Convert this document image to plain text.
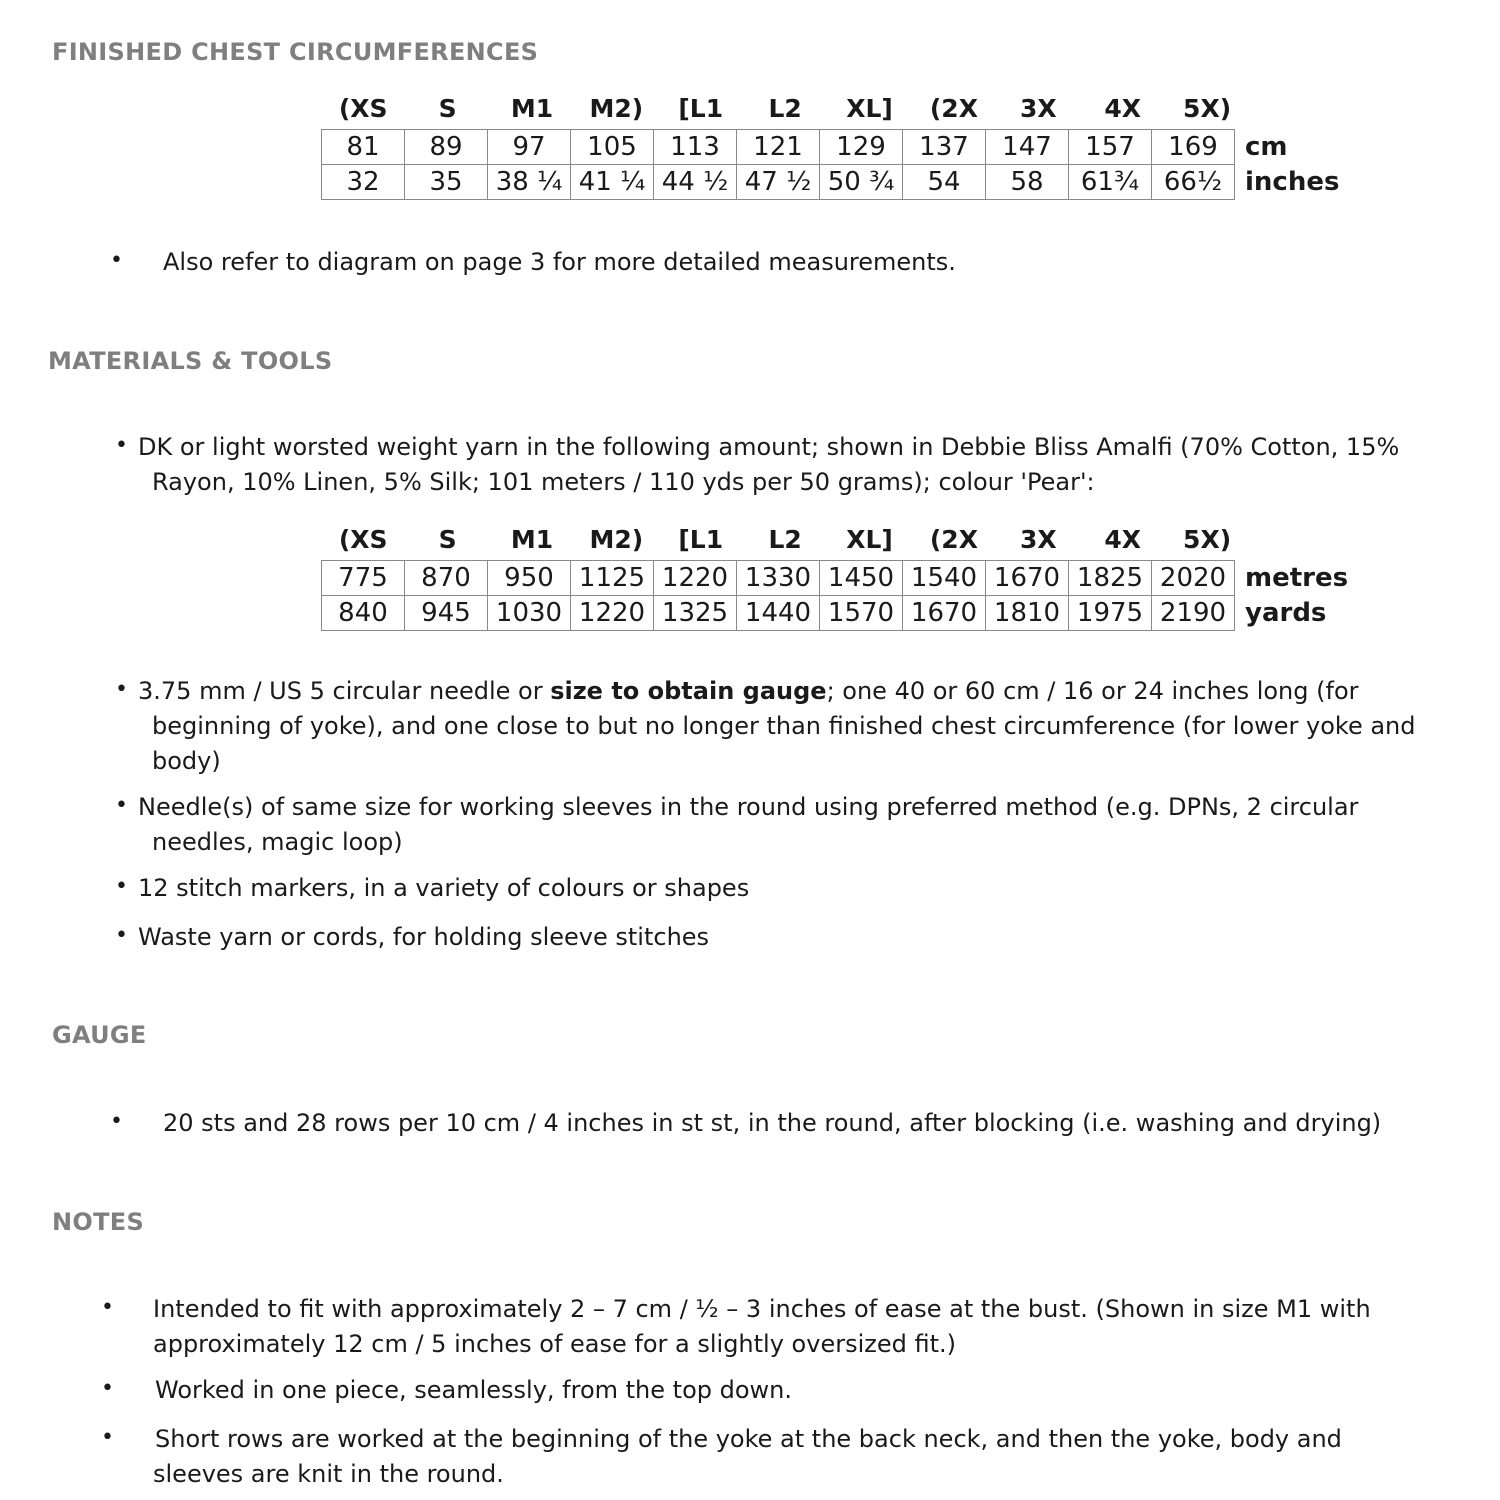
FINISHED CHEST CIRCUMFERENCES
(XS	S	M1	M2)	[L1	L2	XL]	(2X	3X	4X	5X)
81	89	97	105	113	121	129	137	147	157	169	cm
32	35	38 ¼	41 ¼	44 ½	47 ½	50 ¾	54	58	61¾	66½	inches
• Also refer to diagram on page 3 for more detailed measurements.
MATERIALS & TOOLS
• DK or light worsted weight yarn in the following amount; shown in Debbie Bliss Amalfi (70% Cotton, 15%
Rayon, 10% Linen, 5% Silk; 101 meters / 110 yds per 50 grams); colour 'Pear':
(XS	S	M1	M2)	[L1	L2	XL]	(2X	3X	4X	5X)
775	870	950	1125	1220	1330	1450	1540	1670	1825	2020	metres
840	945	1030	1220	1325	1440	1570	1670	1810	1975	2190	yards
• 3.75 mm / US 5 circular needle or size to obtain gauge; one 40 or 60 cm / 16 or 24 inches long (for
beginning of yoke), and one close to but no longer than finished chest circumference (for lower yoke and
body)
• Needle(s) of same size for working sleeves in the round using preferred method (e.g. DPNs, 2 circular
needles, magic loop)
• 12 stitch markers, in a variety of colours or shapes
• Waste yarn or cords, for holding sleeve stitches
GAUGE
• 20 sts and 28 rows per 10 cm / 4 inches in st st, in the round, after blocking (i.e. washing and drying)
NOTES
• Intended to fit with approximately 2 – 7 cm / ½ – 3 inches of ease at the bust. (Shown in size M1 with
approximately 12 cm / 5 inches of ease for a slightly oversized fit.)
• Worked in one piece, seamlessly, from the top down.
• Short rows are worked at the beginning of the yoke at the back neck, and then the yoke, body and
sleeves are knit in the round.
